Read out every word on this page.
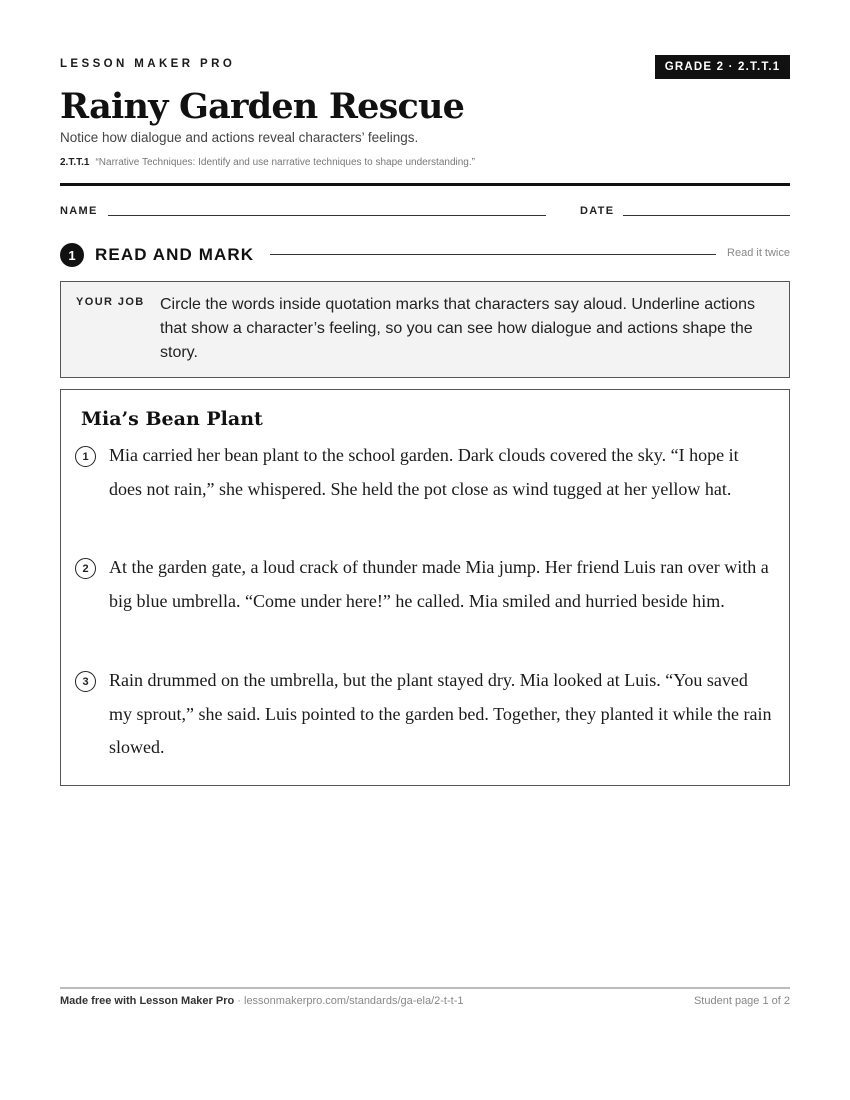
LESSON MAKER PRO	GRADE 2 · 2.T.T.1
Rainy Garden Rescue
Notice how dialogue and actions reveal characters’ feelings.
2.T.T.1 “Narrative Techniques: Identify and use narrative techniques to shape understanding.”
NAME	DATE
1	READ AND MARK	Read it twice
YOUR JOB Circle the words inside quotation marks that characters say aloud. Underline actions that show a character’s feeling, so you can see how dialogue and actions shape the story.
Mia’s Bean Plant
1	Mia carried her bean plant to the school garden. Dark clouds covered the sky. “I hope it does not rain,” she whispered. She held the pot close as wind tugged at her yellow hat.
2	At the garden gate, a loud crack of thunder made Mia jump. Her friend Luis ran over with a big blue umbrella. “Come under here!” he called. Mia smiled and hurried beside him.
3	Rain drummed on the umbrella, but the plant stayed dry. Mia looked at Luis. “You saved my sprout,” she said. Luis pointed to the garden bed. Together, they planted it while the rain slowed.
Made free with Lesson Maker Pro · lessonmakerpro.com/standards/ga-ela/2-t-t-1	Student page 1 of 2
